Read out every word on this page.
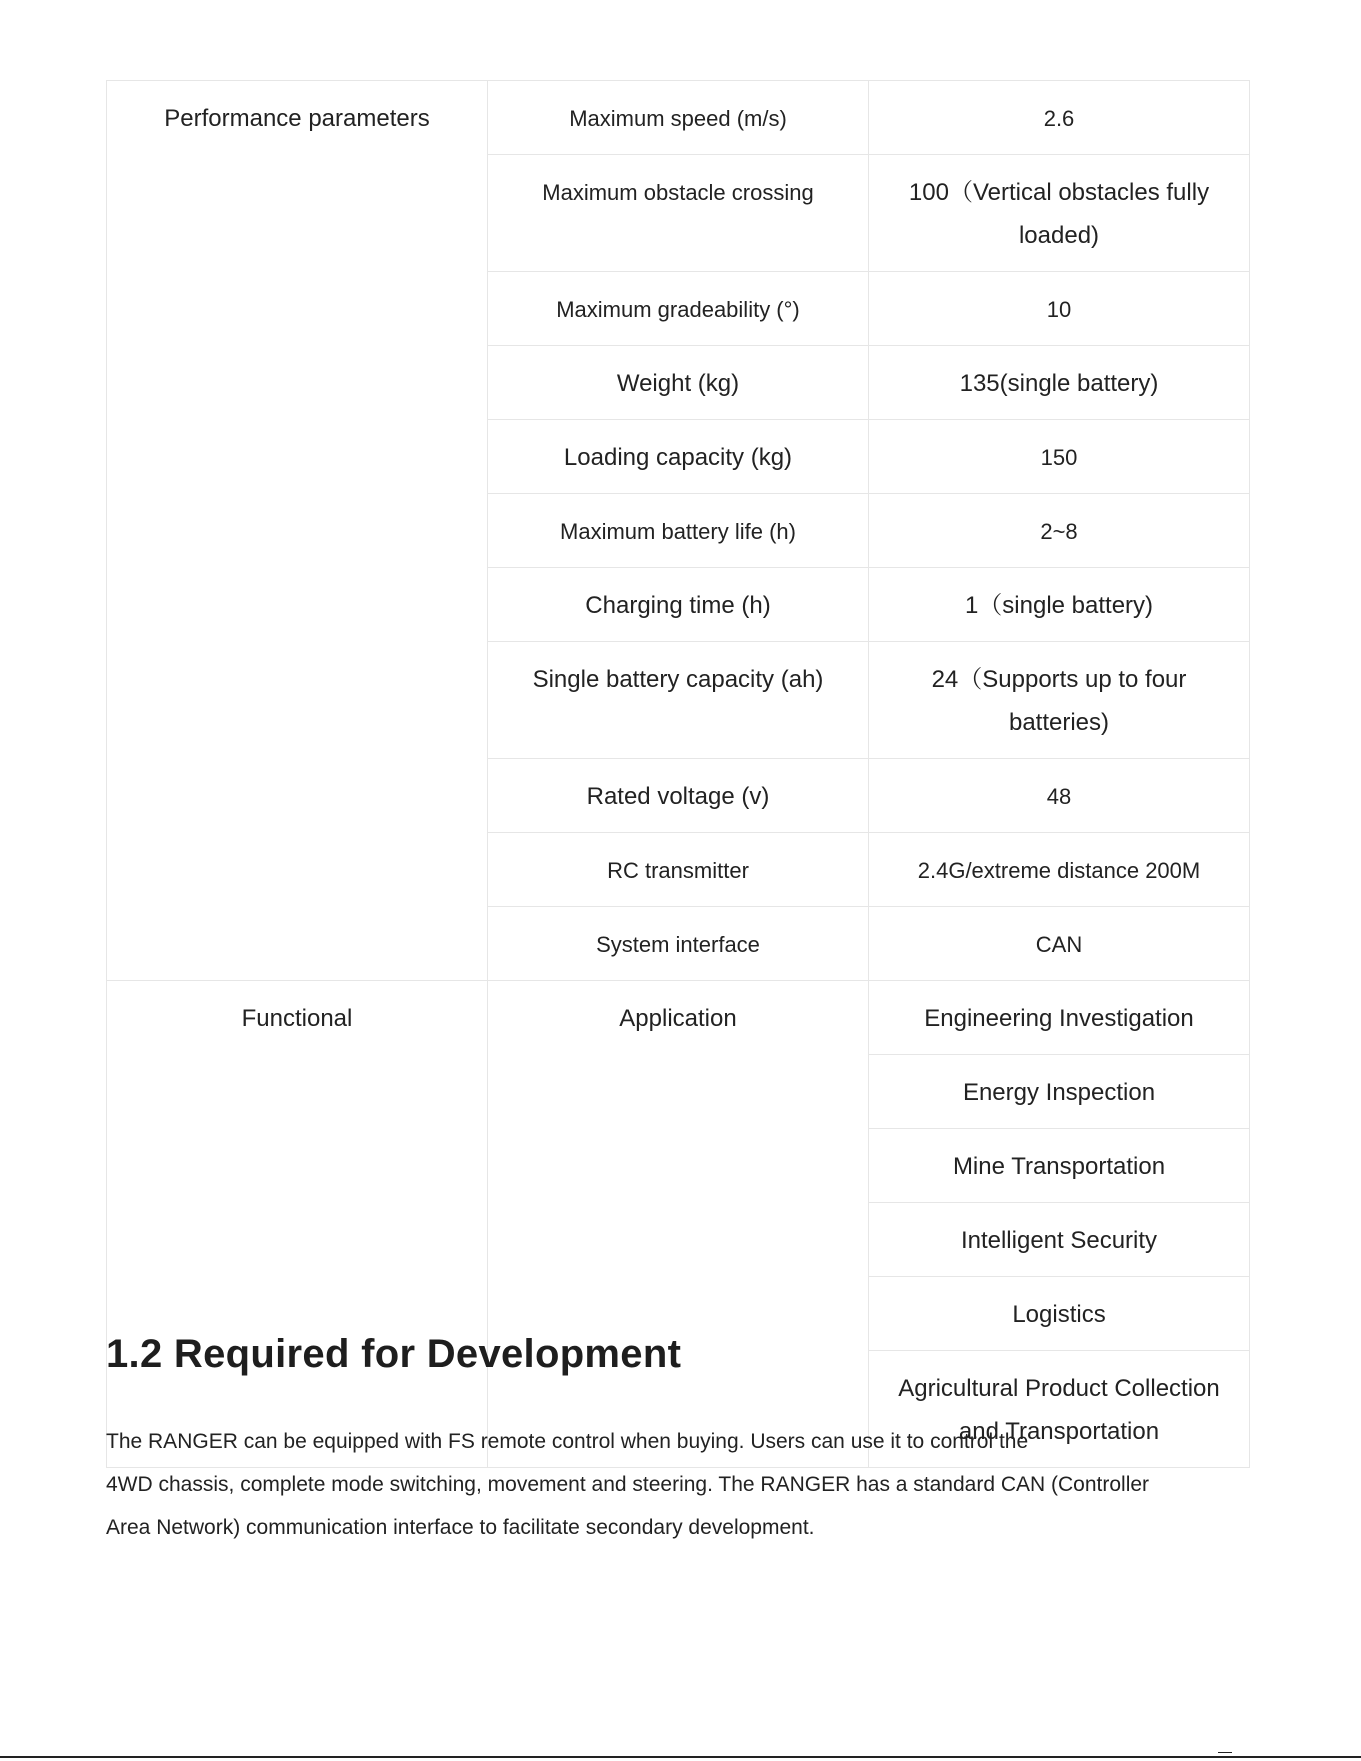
Performance parameters	Maximum speed (m/s)	2.6
	Maximum obstacle crossing	100（Vertical obstacles fully loaded)
	Maximum gradeability (°)	10
	Weight (kg)	135(single battery)
	Loading capacity (kg)	150
	Maximum battery life (h)	2~8
	Charging time (h)	1（single battery)
	Single battery capacity (ah)	24（Supports up to four batteries)
	Rated voltage (v)	48
	RC transmitter	2.4G/extreme distance 200M
	System interface	CAN
Functional	Application	Engineering Investigation
		Energy Inspection
		Mine Transportation
		Intelligent Security
		Logistics
		Agricultural Product Collection and Transportation
1.2 Required for Development

The RANGER can be equipped with FS remote control when buying. Users can use it to control the
4WD chassis, complete mode switching, movement and steering. The RANGER has a standard CAN (Controller
Area Network) communication interface to facilitate secondary development.
